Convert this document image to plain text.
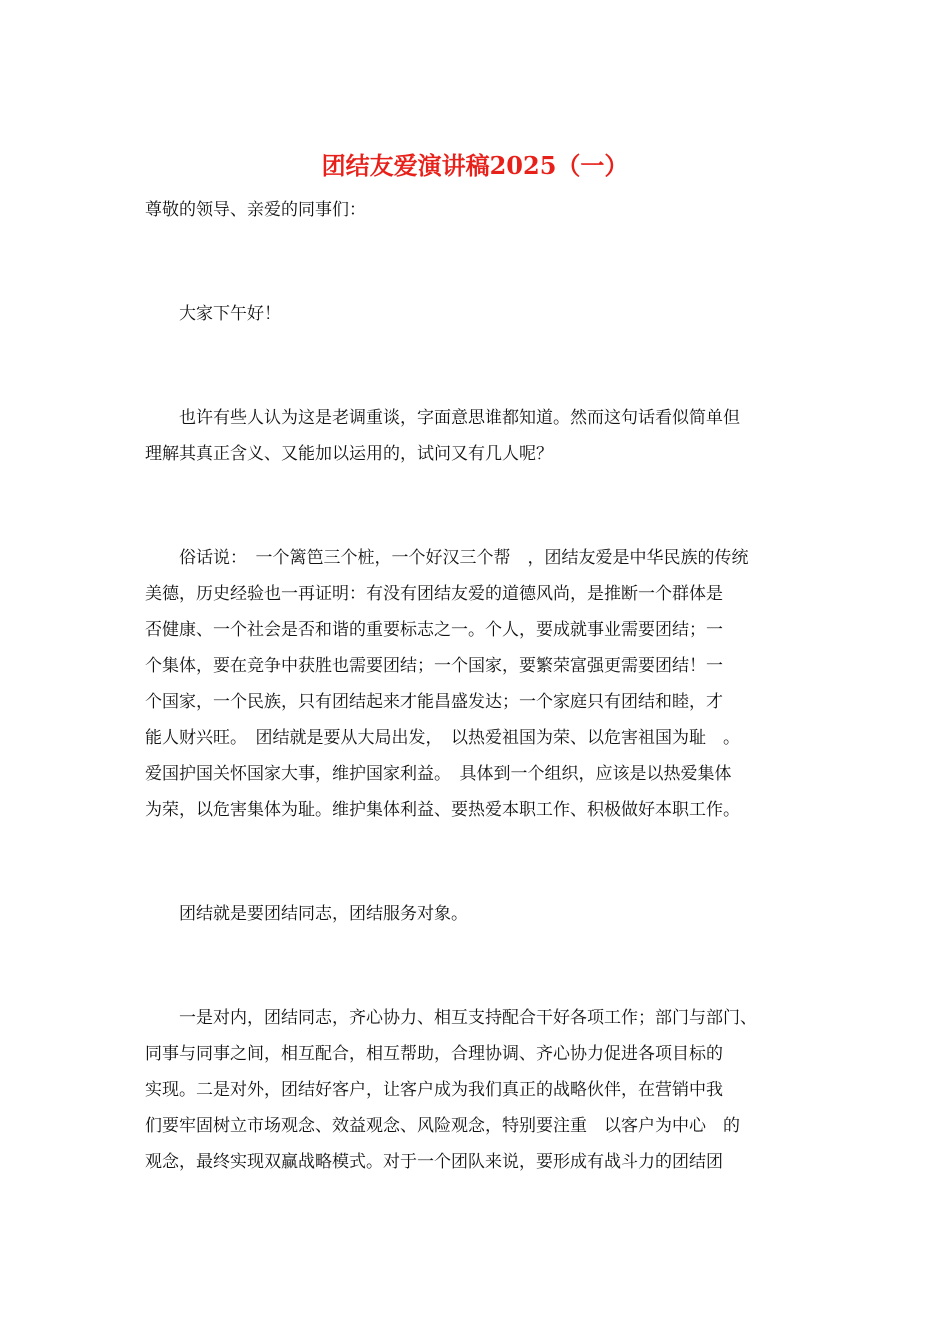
团结友爱演讲稿2025（一）

尊敬的领导、亲爱的同事们：

　　大家下午好！

　　也许有些人认为这是老调重谈，字面意思谁都知道。然而这句话看似简单但

理解其真正含义、又能加以运用的，试问又有几人呢？

　　俗话说：　一个篱笆三个桩，一个好汉三个帮　，团结友爱是中华民族的传统

美德，历史经验也一再证明：有没有团结友爱的道德风尚，是推断一个群体是

否健康、一个社会是否和谐的重要标志之一。个人，要成就事业需要团结；一

个集体，要在竞争中获胜也需要团结；一个国家，要繁荣富强更需要团结！一

个国家，一个民族，只有团结起来才能昌盛发达；一个家庭只有团结和睦，才

能人财兴旺。　团结就是要从大局出发，　以热爱祖国为荣、以危害祖国为耻　。

爱国护国关怀国家大事，维护国家利益。　具体到一个组织，应该是以热爱集体

为荣，以危害集体为耻。维护集体利益、要热爱本职工作、积极做好本职工作。

　　团结就是要团结同志，团结服务对象。

　　一是对内，团结同志，齐心协力、相互支持配合干好各项工作；部门与部门、

同事与同事之间，相互配合，相互帮助，合理协调、齐心协力促进各项目标的

实现。二是对外，团结好客户，让客户成为我们真正的战略伙伴，在营销中我

们要牢固树立市场观念、效益观念、风险观念，特别要注重　以客户为中心　的

观念，最终实现双赢战略模式。对于一个团队来说，要形成有战斗力的团结团
